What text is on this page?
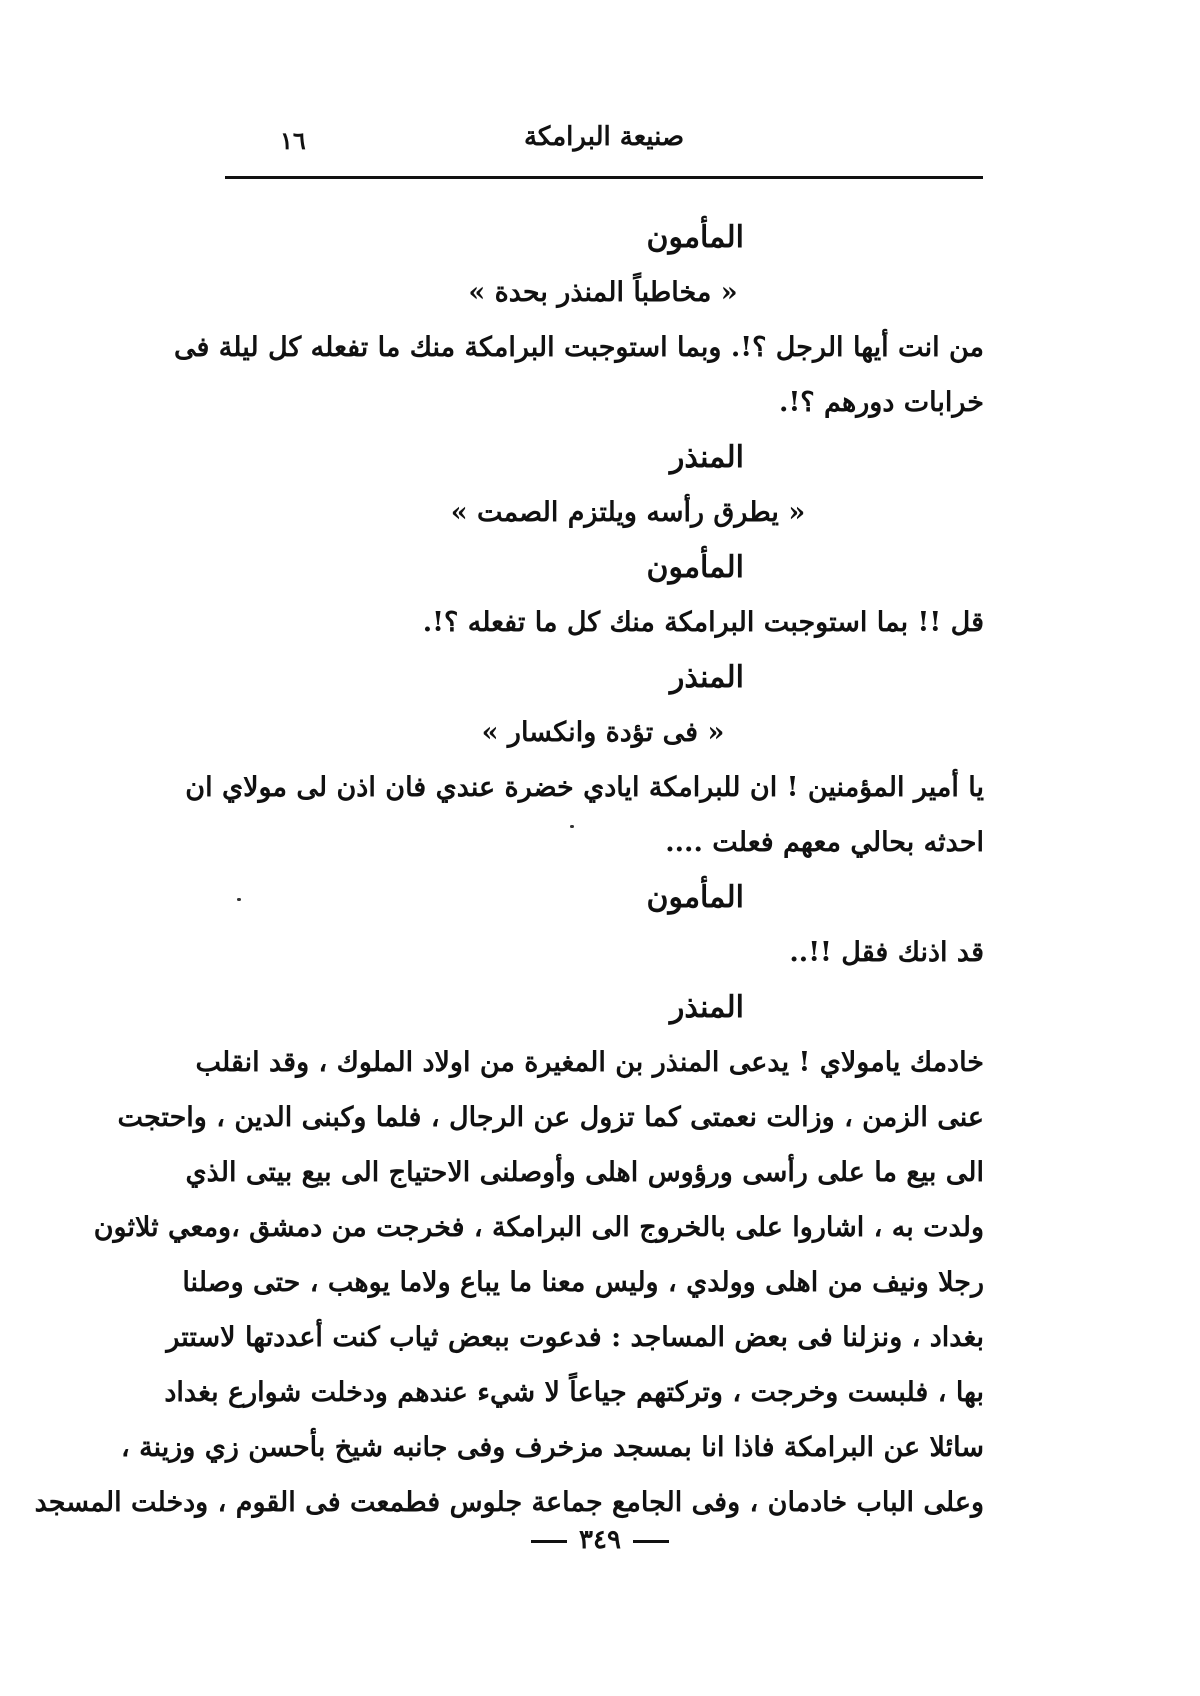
١٦	صنيعة البرامكة
المأمون
« مخاطباً المنذر بحدة »
من انت أيها الرجل ؟!. وبما استوجبت البرامكة منك ما تفعله كل ليلة فى
خرابات دورهم ؟!.
المنذر
« يطرق رأسه ويلتزم الصمت »
المأمون
قل !! بما استوجبت البرامكة منك كل ما تفعله ؟!.
المنذر
« فى تؤدة وانكسار »
يا أمير المؤمنين ! ان للبرامكة ايادي خضرة عندي فان اذن لى مولاي ان
احدثه بحالي معهم فعلت ....
المأمون
قد اذنك فقل !!..
المنذر
خادمك يامولاي ! يدعى المنذر بن المغيرة من اولاد الملوك ، وقد انقلب
عنى الزمن ، وزالت نعمتى كما تزول عن الرجال ، فلما وكبنى الدين ، واحتجت
الى بيع ما على رأسى ورؤوس اهلى وأوصلنى الاحتياج الى بيع بيتى الذي
ولدت به ، اشاروا على بالخروج الى البرامكة ، فخرجت من دمشق ،ومعي ثلاثون
رجلا ونيف من اهلى وولدي ، وليس معنا ما يباع ولاما يوهب ، حتى وصلنا
بغداد ، ونزلنا فى بعض المساجد : فدعوت ببعض ثياب كنت أعددتها لاستتر
بها ، فلبست وخرجت ، وتركتهم جياعاً لا شيء عندهم ودخلت شوارع بغداد
سائلا عن البرامكة فاذا انا بمسجد مزخرف وفى جانبه شيخ بأحسن زي وزينة ،
وعلى الباب خادمان ، وفى الجامع جماعة جلوس فطمعت فى القوم ، ودخلت المسجد
٣٤٩
